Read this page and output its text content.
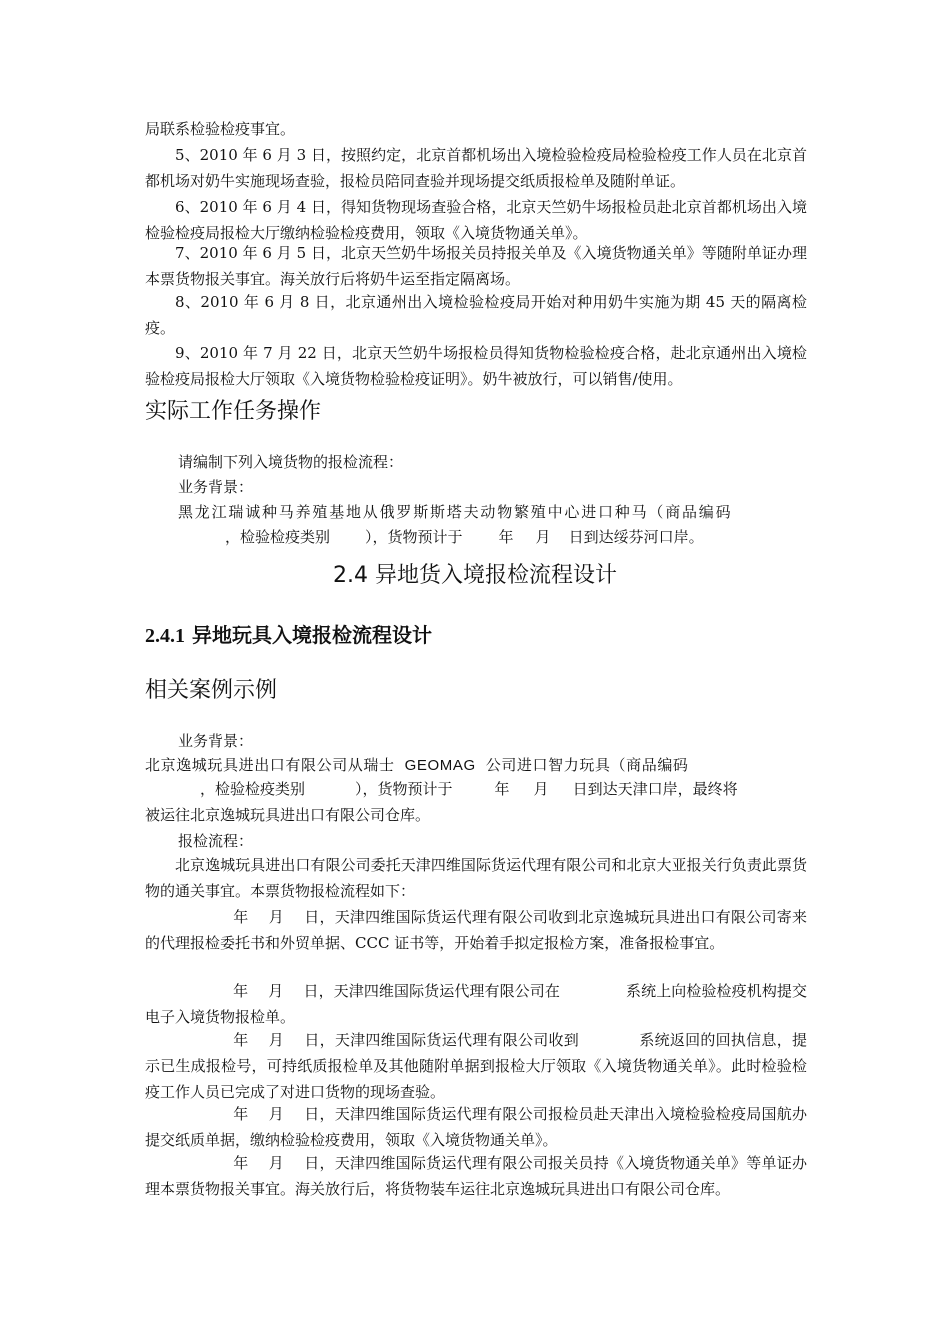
局联系检验检疫事宜。

5、2010 年 6 月 3 日，按照约定，北京首都机场出入境检验检疫局检验检疫工作人员在北京首都机场对奶牛实施现场查验，报检员陪同查验并现场提交纸质报检单及随附单证。

6、2010 年 6 月 4 日，得知货物现场查验合格，北京天竺奶牛场报检员赴北京首都机场出入境检验检疫局报检大厅缴纳检验检疫费用，领取《入境货物通关单》。

7、2010 年 6 月 5 日，北京天竺奶牛场报关员持报关单及《入境货物通关单》等随附单证办理本票货物报关事宜。海关放行后将奶牛运至指定隔离场。

8、2010 年 6 月 8 日，北京通州出入境检验检疫局开始对种用奶牛实施为期 45 天的隔离检疫。

9、2010 年 7 月 22 日，北京天竺奶牛场报检员得知货物检验检疫合格，赴北京通州出入境检验检疫局报检大厅领取《入境货物检验检疫证明》。奶牛被放行，可以销售/使用。

实际工作任务操作

请编制下列入境货物的报检流程：

业务背景：

黑龙江瑞诚种马养殖基地从俄罗斯斯塔夫动物繁殖中心进口种马（商品编码

，检验检疫类别 ），货物预计于 年 月 日到达绥芬河口岸。

2.4 异地货入境报检流程设计
2.4.1 异地玩具入境报检流程设计
相关案例示例

业务背景：

北京逸城玩具进出口有限公司从瑞士 GEOMAG 公司进口智力玩具（商品编码

，检验检疫类别	），货物预计于	年 月 日到达天津口岸，最终将

被运往北京逸城玩具进出口有限公司仓库。

报检流程：

北京逸城玩具进出口有限公司委托天津四维国际货运代理有限公司和北京大亚报关行负责此票货物的通关事宜。本票货物报检流程如下：

年 月 日，天津四维国际货运代理有限公司收到北京逸城玩具进出口有限公司寄来的代理报检委托书和外贸单据、CCC 证书等，开始着手拟定报检方案，准备报检事宜。

年 月 日，天津四维国际货运代理有限公司在	系统上向检验检疫机构提交电子入境货物报检单。

年 月 日，天津四维国际货运代理有限公司收到	系统返回的回执信息，提示已生成报检号，可持纸质报检单及其他随附单据到报检大厅领取《入境货物通关单》。此时检验检疫工作人员已完成了对进口货物的现场查验。

年 月 日，天津四维国际货运代理有限公司报检员赴天津出入境检验检疫局国航办提交纸质单据，缴纳检验检疫费用，领取《入境货物通关单》。

年 月 日，天津四维国际货运代理有限公司报关员持《入境货物通关单》等单证办理本票货物报关事宜。海关放行后，将货物装车运往北京逸城玩具进出口有限公司仓库。
